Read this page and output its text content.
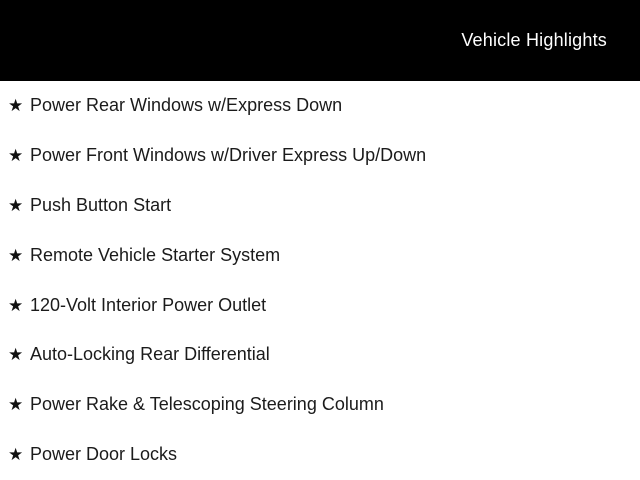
Vehicle Highlights
★ Power Rear Windows w/Express Down
★ Power Front Windows w/Driver Express Up/Down
★ Push Button Start
★ Remote Vehicle Starter System
★ 120-Volt Interior Power Outlet
★ Auto-Locking Rear Differential
★ Power Rake & Telescoping Steering Column
★ Power Door Locks
